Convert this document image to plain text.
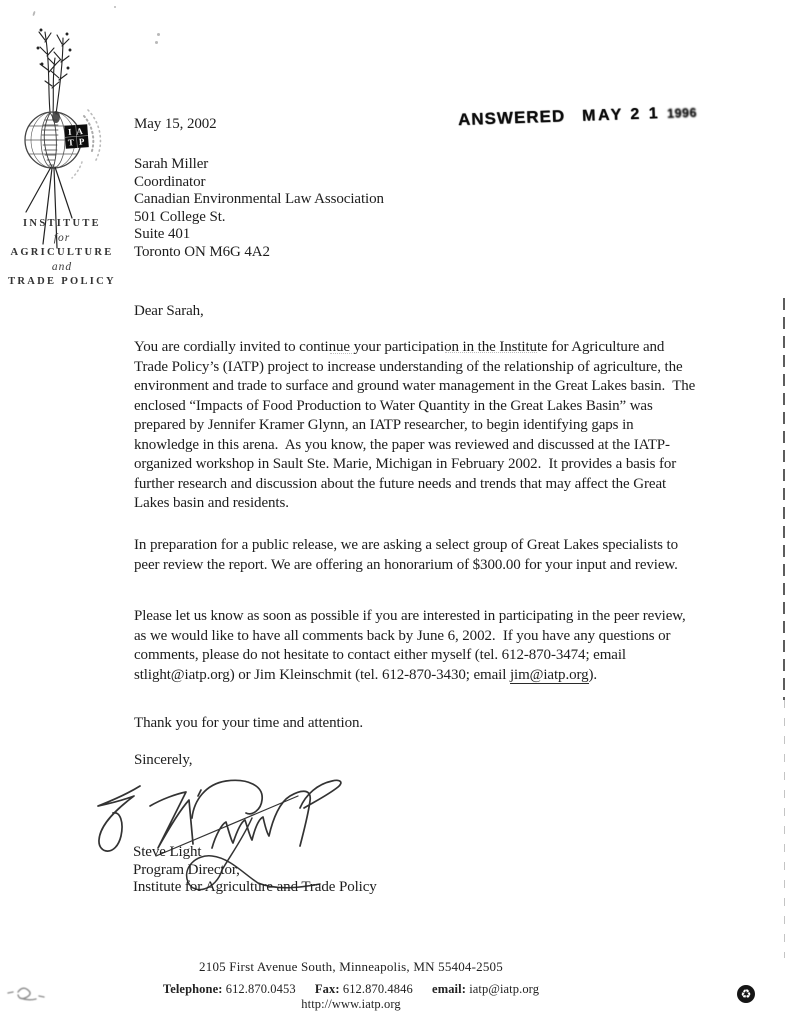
I A
T P
INSTITUTE
for
AGRICULTURE
and
TRADE POLICY
ANSWERED MAY 2 1 1996
May 15, 2002
Sarah Miller
Coordinator
Canadian Environmental Law Association
501 College St.
Suite 401
Toronto ON M6G 4A2
Dear Sarah,
You are cordially invited to continue your participation in the Institute for Agriculture and Trade Policy’s (IATP) project to increase understanding of the relationship of agriculture, the environment and trade to surface and ground water management in the Great Lakes basin.  The enclosed “Impacts of Food Production to Water Quantity in the Great Lakes Basin” was prepared by Jennifer Kramer Glynn, an IATP researcher, to begin identifying gaps in knowledge in this arena.  As you know, the paper was reviewed and discussed at the IATP-organized workshop in Sault Ste. Marie, Michigan in February 2002.  It provides a basis for further research and discussion about the future needs and trends that may affect the Great Lakes basin and residents.
In preparation for a public release, we are asking a select group of Great Lakes specialists to peer review the report. We are offering an honorarium of $300.00 for your input and review.
Please let us know as soon as possible if you are interested in participating in the peer review, as we would like to have all comments back by June 6, 2002.  If you have any questions or comments, please do not hesitate to contact either myself (tel. 612-870-3474; email stlight@iatp.org) or Jim Kleinschmit (tel. 612-870-3430; email jim@iatp.org).
Thank you for your time and attention.
Sincerely,
Steve Light
Program Director,
Institute for Agriculture and Trade Policy
2105 First Avenue South, Minneapolis, MN 55404-2505
Telephone: 612.870.0453 Fax: 612.870.4846 email: iatp@iatp.org http://www.iatp.org
♻
